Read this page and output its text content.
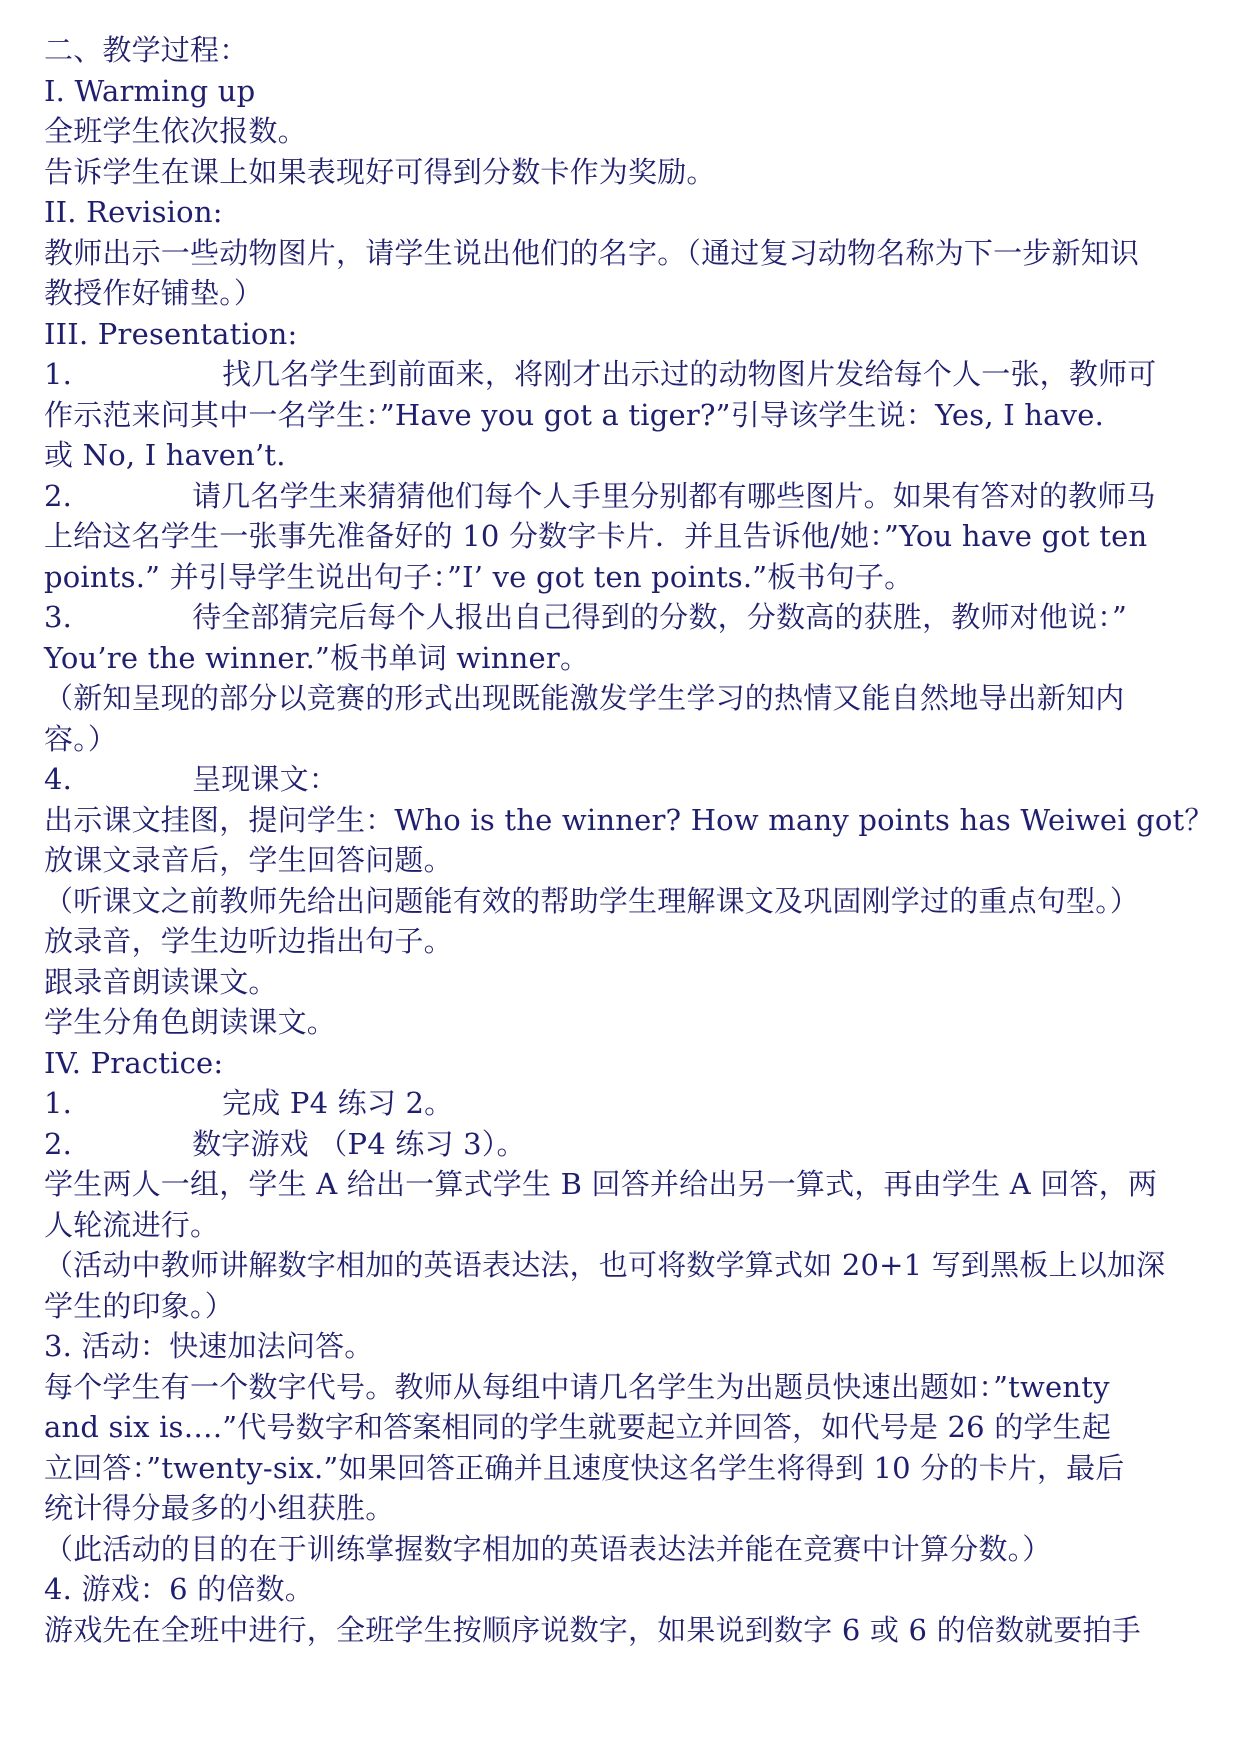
二、教学过程：
I. Warming up
全班学生依次报数。
告诉学生在课上如果表现好可得到分数卡作为奖励。
II. Revision:
教师出示一些动物图片，请学生说出他们的名字。（通过复习动物名称为下一步新知识
教授作好铺垫。）
III. Presentation:
1.	找几名学生到前面来，将刚才出示过的动物图片发给每个人一张，教师可
作示范来问其中一名学生：”Have you got a tiger?”引导该学生说：Yes, I have.
或 No, I haven’t.
2.	请几名学生来猜猜他们每个人手里分别都有哪些图片。如果有答对的教师马
上给这名学生一张事先准备好的 10 分数字卡片．并且告诉他/她：”You have got ten
points.” 并引导学生说出句子：”I’ ve got ten points.”板书句子。
3.	待全部猜完后每个人报出自己得到的分数，分数高的获胜，教师对他说：”
You’re the winner.”板书单词 winner。
（新知呈现的部分以竞赛的形式出现既能激发学生学习的热情又能自然地导出新知内
容。）
4.	呈现课文：
出示课文挂图，提问学生：Who is the winner? How many points has Weiwei got？
放课文录音后，学生回答问题。
（听课文之前教师先给出问题能有效的帮助学生理解课文及巩固刚学过的重点句型。）
放录音，学生边听边指出句子。
跟录音朗读课文。
学生分角色朗读课文。
IV. Practice:
1.	完成 P4 练习 2。
2.	数字游戏 （P4 练习 3）。
学生两人一组，学生 A 给出一算式学生 B 回答并给出另一算式，再由学生 A 回答，两
人轮流进行。
（活动中教师讲解数字相加的英语表达法，也可将数学算式如 20+1 写到黑板上以加深
学生的印象。）
3. 活动：快速加法问答。
每个学生有一个数字代号。教师从每组中请几名学生为出题员快速出题如：”twenty
and six is….”代号数字和答案相同的学生就要起立并回答，如代号是 26 的学生起
立回答：”twenty-six.”如果回答正确并且速度快这名学生将得到 10 分的卡片，最后
统计得分最多的小组获胜。
（此活动的目的在于训练掌握数字相加的英语表达法并能在竞赛中计算分数。）
4. 游戏：6 的倍数。
游戏先在全班中进行，全班学生按顺序说数字，如果说到数字 6 或 6 的倍数就要拍手
